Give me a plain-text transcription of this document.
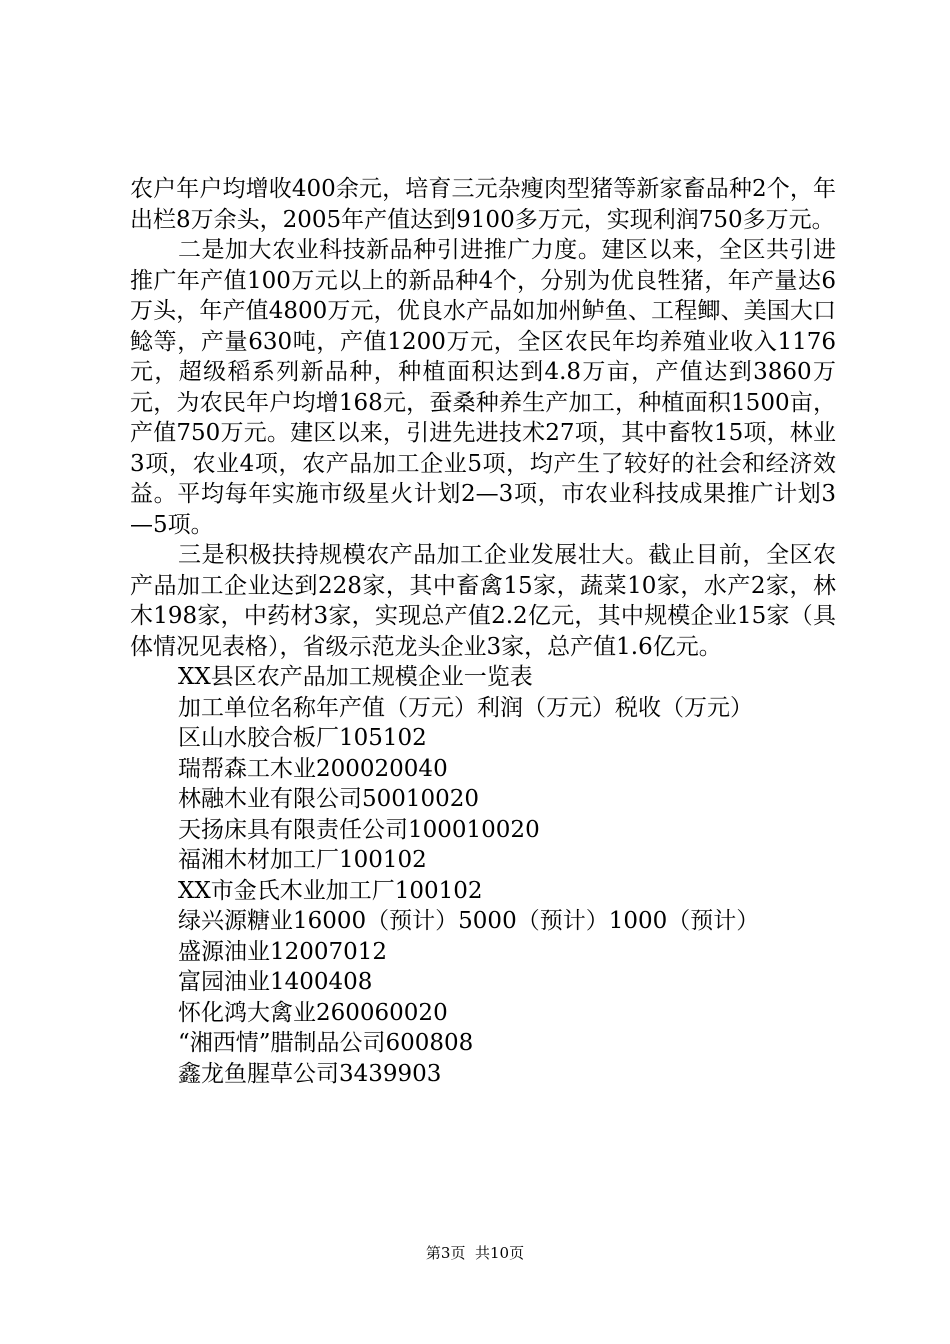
农户年户均增收400余元，培育三元杂瘦肉型猪等新家畜品种2个，年出栏8万余头，2005年产值达到9100多万元，实现利润750多万元。

二是加大农业科技新品种引进推广力度。建区以来，全区共引进推广年产值100万元以上的新品种4个，分别为优良牲猪，年产量达6万头，年产值4800万元，优良水产品如加州鲈鱼、工程鲫、美国大口鲶等，产量630吨，产值1200万元，全区农民年均养殖业收入1176元，超级稻系列新品种，种植面积达到4.8万亩，产值达到3860万元，为农民年户均增168元，蚕桑种养生产加工，种植面积1500亩，产值750万元。建区以来，引进先进技术27项，其中畜牧15项，林业3项，农业4项，农产品加工企业5项，均产生了较好的社会和经济效益。平均每年实施市级星火计划2—3项，市农业科技成果推广计划3—5项。

三是积极扶持规模农产品加工企业发展壮大。截止目前，全区农产品加工企业达到228家，其中畜禽15家，蔬菜10家，水产2家，林木198家，中药材3家，实现总产值2.2亿元，其中规模企业15家（具体情况见表格），省级示范龙头企业3家，总产值1.6亿元。

XX县区农产品加工规模企业一览表

加工单位名称年产值（万元）利润（万元）税收（万元）

区山水胶合板厂105102

瑞帮森工木业200020040

林融木业有限公司50010020

天扬床具有限责任公司100010020

福湘木材加工厂100102

XX市金氏木业加工厂100102

绿兴源糖业16000（预计）5000（预计）1000（预计）

盛源油业12007012

富园油业1400408

怀化鸿大禽业260060020

“湘西情”腊制品公司600808

鑫龙鱼腥草公司3439903

第3页  共10页
